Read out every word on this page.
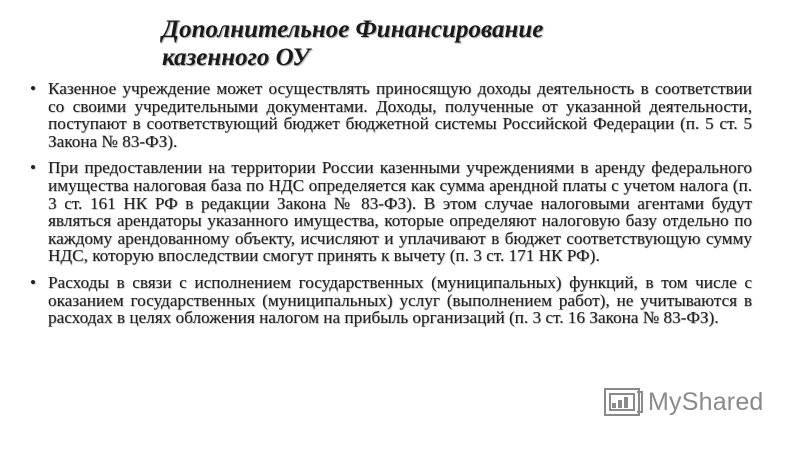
Дополнительное Финансирование
казенного ОУ
• Казенное учреждение может осуществлять приносящую доходы деятельность в соответствии со своими учредительными документами. Доходы, полученные от указанной деятельности, поступают в соответствующий бюджет бюджетной системы Российской Федерации (п. 5 ст. 5 Закона № 83-ФЗ).
• При предоставлении на территории России казенными учреждениями в аренду федерального имущества налоговая база по НДС определяется как сумма арендной платы с учетом налога (п. 3 ст. 161 НК РФ в редакции Закона № 83-ФЗ). В этом случае налоговыми агентами будут являться арендаторы указанного имущества, которые определяют налоговую базу отдельно по каждому арендованному объекту, исчисляют и уплачивают в бюджет соответствующую сумму НДС, которую впоследствии смогут принять к вычету (п. 3 ст. 171 НК РФ).
• Расходы в связи с исполнением государственных (муниципальных) функций, в том числе с оказанием государственных (муниципальных) услуг (выполнением работ), не учитываются в расходах в целях обложения налогом на прибыль организаций (п. 3 ст. 16 Закона № 83-ФЗ).
MyShared
